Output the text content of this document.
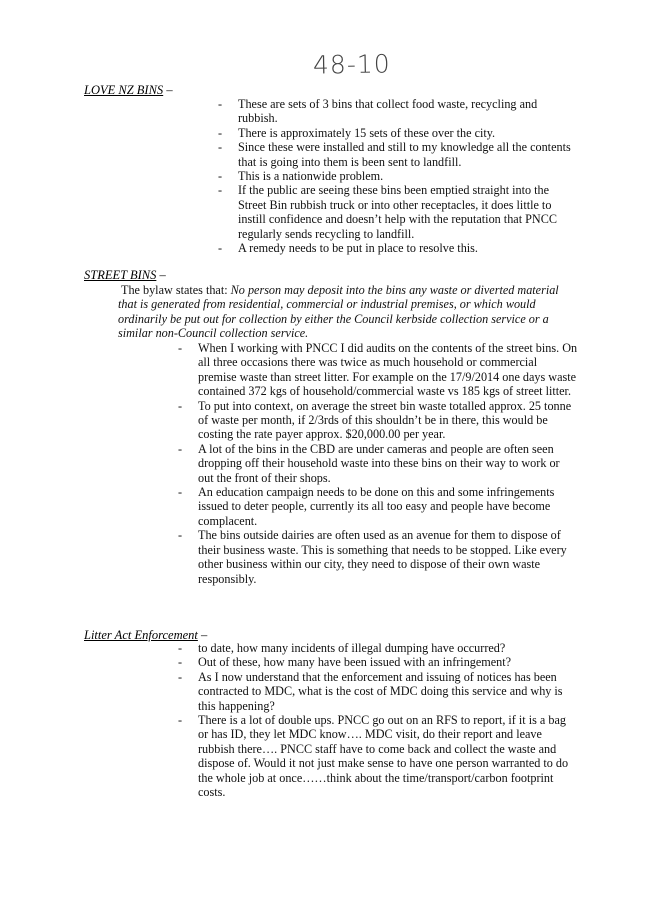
48-10
LOVE NZ BINS –
- These are sets of 3 bins that collect food waste, recycling and rubbish.
- There is approximately 15 sets of these over the city.
- Since these were installed and still to my knowledge all the contents that is going into them is been sent to landfill.
- This is a nationwide problem.
- If the public are seeing these bins been emptied straight into the Street Bin rubbish truck or into other receptacles, it does little to instill confidence and doesn’t help with the reputation that PNCC regularly sends recycling to landfill.
- A remedy needs to be put in place to resolve this.
STREET BINS –
The bylaw states that: No person may deposit into the bins any waste or diverted material that is generated from residential, commercial or industrial premises, or which would ordinarily be put out for collection by either the Council kerbside collection service or a similar non-Council collection service.
- When I working with PNCC I did audits on the contents of the street bins. On all three occasions there was twice as much household or commercial premise waste than street litter. For example on the 17/9/2014 one days waste contained 372 kgs of household/commercial waste vs 185 kgs of street litter.
- To put into context, on average the street bin waste totalled approx. 25 tonne of waste per month, if 2/3rds of this shouldn’t be in there, this would be costing the rate payer approx. $20,000.00 per year.
- A lot of the bins in the CBD are under cameras and people are often seen dropping off their household waste into these bins on their way to work or out the front of their shops.
- An education campaign needs to be done on this and some infringements issued to deter people, currently its all too easy and people have become complacent.
- The bins outside dairies are often used as an avenue for them to dispose of their business waste. This is something that needs to be stopped. Like every other business within our city, they need to dispose of their own waste responsibly.
Litter Act Enforcement –
- to date, how many incidents of illegal dumping have occurred?
- Out of these, how many have been issued with an infringement?
- As I now understand that the enforcement and issuing of notices has been contracted to MDC, what is the cost of MDC doing this service and why is this happening?
- There is a lot of double ups. PNCC go out on an RFS to report, if it is a bag or has ID, they let MDC know…. MDC visit, do their report and leave rubbish there…. PNCC staff have to come back and collect the waste and dispose of. Would it not just make sense to have one person warranted to do the whole job at once……think about the time/transport/carbon footprint costs.
